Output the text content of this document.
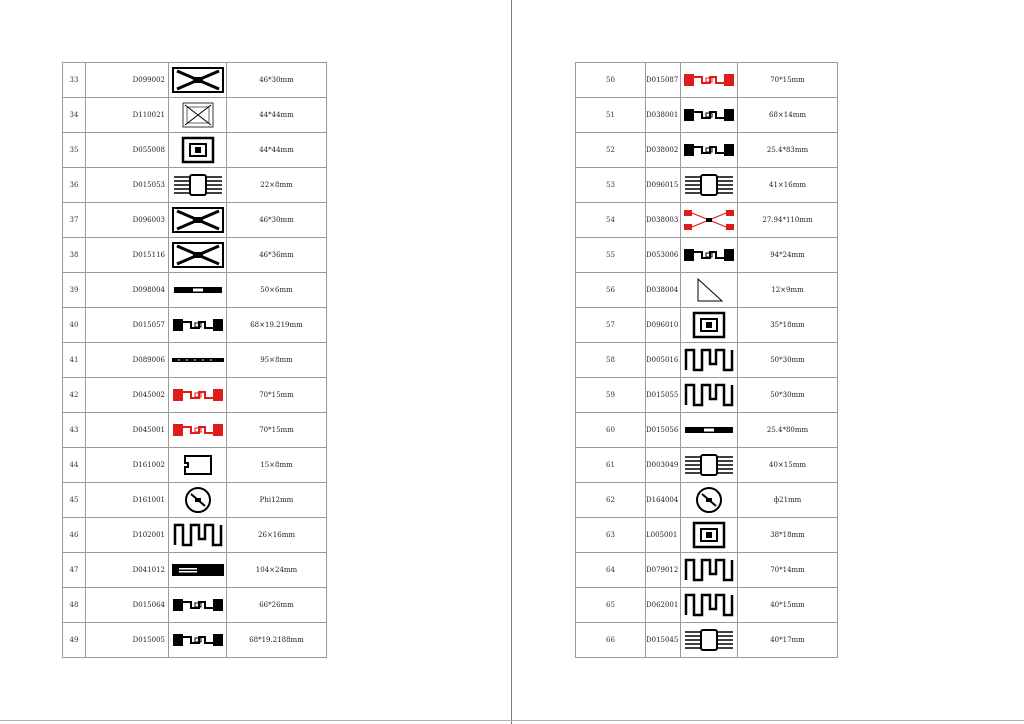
33	D099002		46*30mm
34	D110021		44*44mm
35	D055008		44*44mm
36	D015053		22×8mm
37	D096003		46*30mm
38	D015116		46*36mm
39	D098004		50×6mm
40	D015057		68×19.219mm
41	D089006		95×8mm
42	D045002		70*15mm
43	D045001		70*15mm
44	D161002		15×8mm
45	D161001		Phi12mm
46	D102001		26×16mm
47	D041012		104×24mm
48	D015064		66*26mm
49	D015005		68*19.2188mm
50	D015087		70*15mm
51	D038001		68×14mm
52	D038002		25.4*83mm
53	D096015		41×16mm
54	D038003		27.94*110mm
55	D053006		94*24mm
56	D038004		12×9mm
57	D096010		35*18mm
58	D005016		50*30mm
59	D015055		50*30mm
60	D015056		25.4*80mm
61	D003049		40×15mm
62	D164004		ф21mm
63	L005001		38*18mm
64	D079012		70*14mm
65	D062001		40*15mm
66	D015045		40*17mm
